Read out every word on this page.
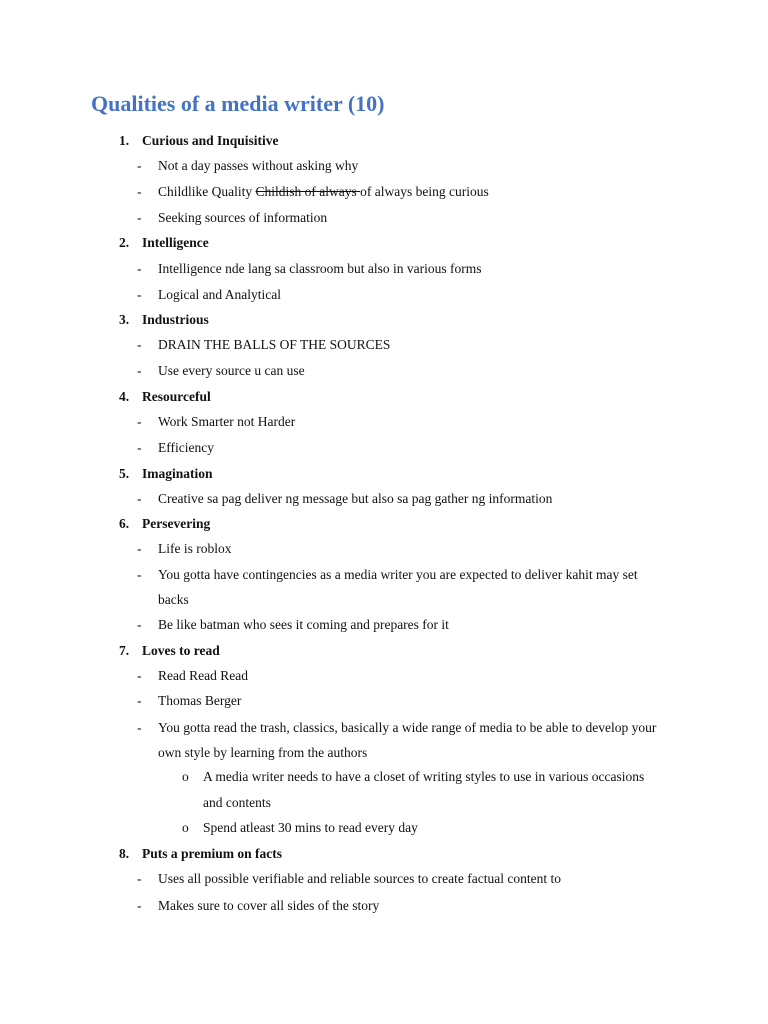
Qualities of a media writer (10)
1. Curious and Inquisitive
- Not a day passes without asking why
- Childlike Quality Childish of always of always being curious
- Seeking sources of information
2. Intelligence
- Intelligence nde lang sa classroom but also in various forms
- Logical and Analytical
3. Industrious
- DRAIN THE BALLS OF THE SOURCES
- Use every source u can use
4. Resourceful
- Work Smarter not Harder
- Efficiency
5. Imagination
- Creative sa pag deliver ng message but also sa pag gather ng information
6. Persevering
- Life is roblox
- You gotta have contingencies as a media writer you are expected to deliver kahit may set
backs
- Be like batman who sees it coming and prepares for it
7. Loves to read
- Read Read Read
- Thomas Berger
- You gotta read the trash, classics, basically a wide range of media to be able to develop your
own style by learning from the authors
o A media writer needs to have a closet of writing styles to use in various occasions
and contents
o Spend atleast 30 mins to read every day
8. Puts a premium on facts
- Uses all possible verifiable and reliable sources to create factual content to
- Makes sure to cover all sides of the story
